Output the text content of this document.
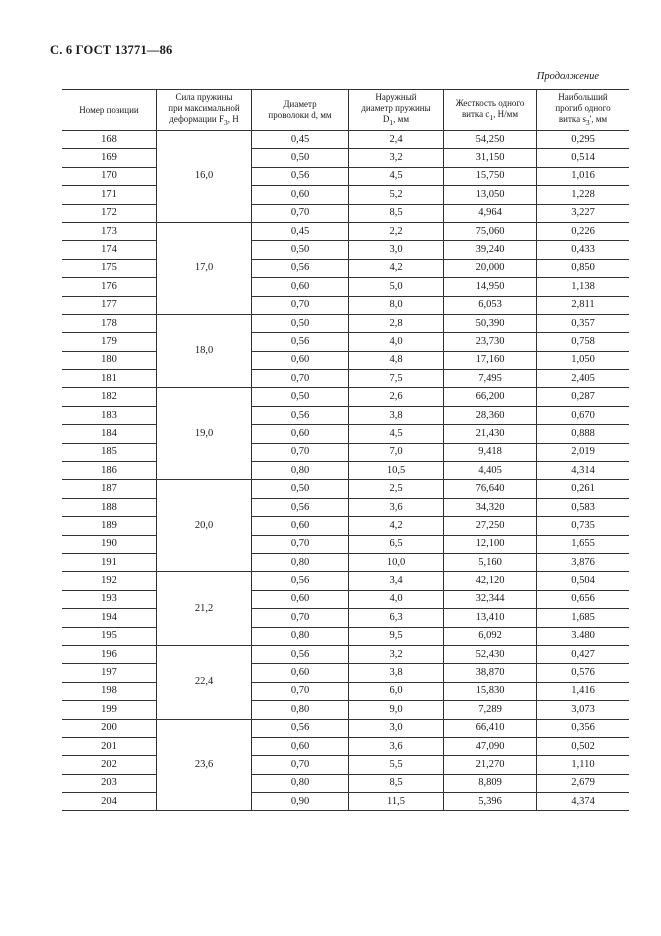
С. 6 ГОСТ 13771—86
Продолжение
Номер позиции	Сила пружины
при максимальной
деформации $F_3$, Н	Диаметр
проволоки d, мм	Наружный
диаметр пружины
$D_1$, мм	Жесткость одного
витка $c_1$, Н/мм	Наибольший
прогиб одного
витка $s_3'$, мм
168	16,0	0,45	2,4	54,250	0,295
169		0,50	3,2	31,150	0,514
170		0,56	4,5	15,750	1,016
171		0,60	5,2	13,050	1,228
172		0,70	8,5	4,964	3,227
173	17,0	0,45	2,2	75,060	0,226
174		0,50	3,0	39,240	0,433
175		0,56	4,2	20,000	0,850
176		0,60	5,0	14,950	1,138
177		0,70	8,0	6,053	2,811
178	18,0	0,50	2,8	50,390	0,357
179		0,56	4,0	23,730	0,758
180		0,60	4,8	17,160	1,050
181		0,70	7,5	7,495	2,405
182	19,0	0,50	2,6	66,200	0,287
183		0,56	3,8	28,360	0,670
184		0,60	4,5	21,430	0,888
185		0,70	7,0	9,418	2,019
186		0,80	10,5	4,405	4,314
187	20,0	0,50	2,5	76,640	0,261
188		0,56	3,6	34,320	0,583
189		0,60	4,2	27,250	0,735
190		0,70	6,5	12,100	1,655
191		0,80	10,0	5,160	3,876
192	21,2	0,56	3,4	42,120	0,504
193		0,60	4,0	32,344	0,656
194		0,70	6,3	13,410	1,685
195		0,80	9,5	6,092	3.480
196	22,4	0,56	3,2	52,430	0,427
197		0,60	3,8	38,870	0,576
198		0,70	6,0	15,830	1,416
199		0,80	9,0	7,289	3,073
200	23,6	0,56	3,0	66,410	0,356
201		0,60	3,6	47,090	0,502
202		0,70	5,5	21,270	1,110
203		0,80	8,5	8,809	2,679
204		0,90	11,5	5,396	4,374
